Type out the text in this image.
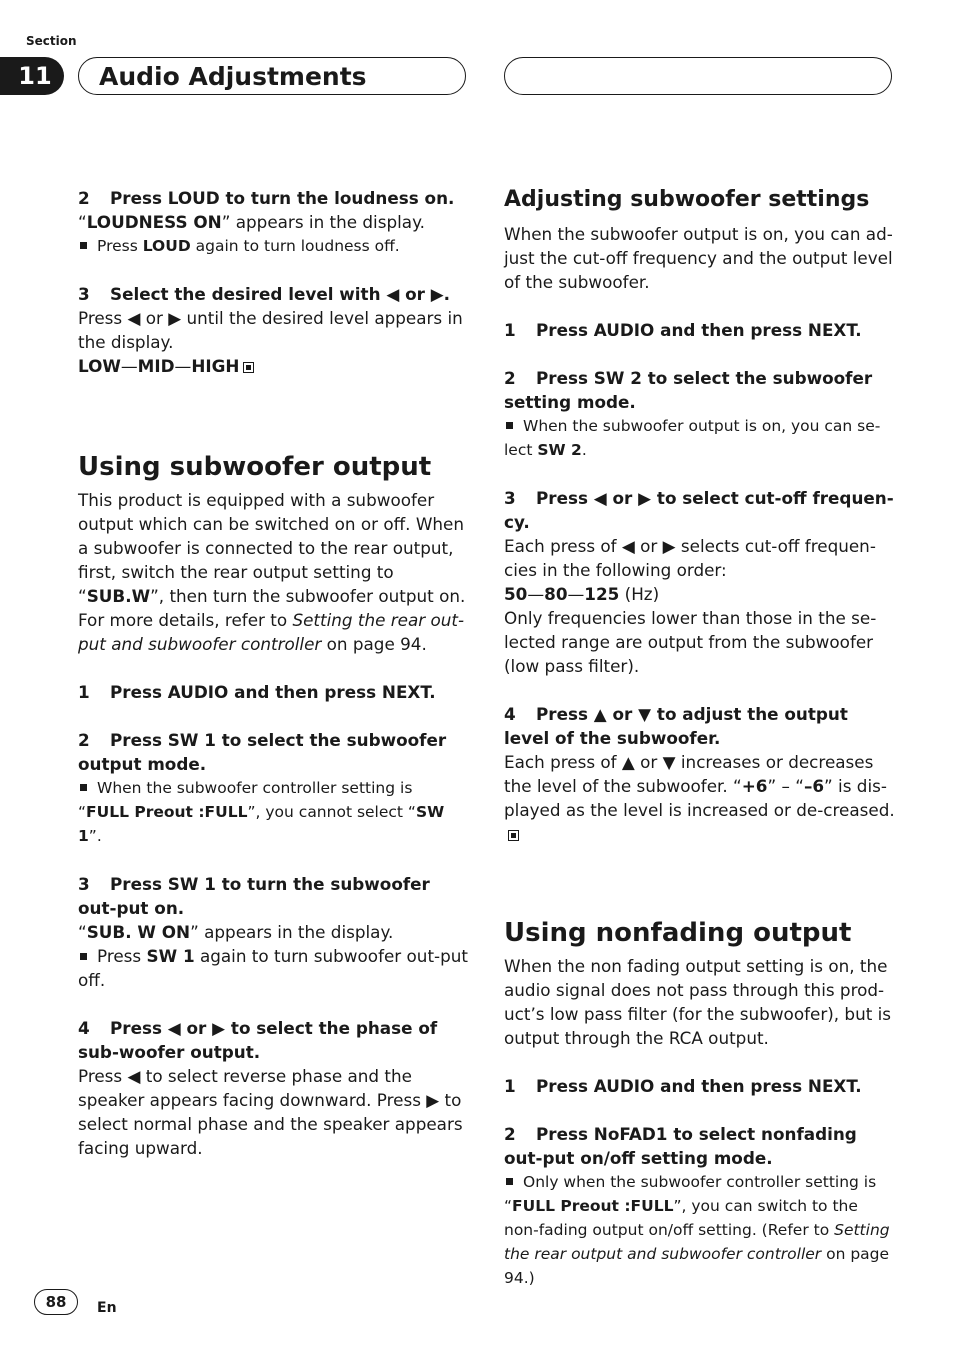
Section
11	Audio Adjustments

2 Press LOUD to turn the loudness on.

“LOUDNESS ON” appears in the display.

Press LOUD again to turn loudness off.

3 Select the desired level with ◀ or ▶.

Press ◀ or ▶ until the desired level appears in the display.

LOW—MID—HIGH

Using subwoofer output

This product is equipped with a subwoofer output which can be switched on or off. When a subwoofer is connected to the rear output, first, switch the rear output setting to “SUB.W”, then turn the subwoofer output on. For more details, refer to Setting the rear out-put and subwoofer controller on page 94.

1 Press AUDIO and then press NEXT.

2 Press SW 1 to select the subwoofer output mode.

When the subwoofer controller setting is “FULL Preout :FULL”, you cannot select “SW 1”.

3 Press SW 1 to turn the subwoofer out-put on.

“SUB. W ON” appears in the display.

Press SW 1 again to turn subwoofer out-put off.

4 Press ◀ or ▶ to select the phase of sub-woofer output.

Press ◀ to select reverse phase and the speaker appears facing downward. Press ▶ to select normal phase and the speaker appears facing upward.

Adjusting subwoofer settings

When the subwoofer output is on, you can ad-just the cut-off frequency and the output level of the subwoofer.

1 Press AUDIO and then press NEXT.

2 Press SW 2 to select the subwoofer setting mode.

When the subwoofer output is on, you can se-lect SW 2.

3 Press ◀ or ▶ to select cut-off frequen-cy.

Each press of ◀ or ▶ selects cut-off frequen-cies in the following order:

50—80—125 (Hz)

Only frequencies lower than those in the se-lected range are output from the subwoofer (low pass filter).

4 Press ▲ or ▼ to adjust the output level of the subwoofer.

Each press of ▲ or ▼ increases or decreases the level of the subwoofer. “+6” – “–6” is dis-played as the level is increased or de-creased.

Using nonfading output

When the non fading output setting is on, the audio signal does not pass through this prod-uct’s low pass filter (for the subwoofer), but is output through the RCA output.

1 Press AUDIO and then press NEXT.

2 Press NoFAD1 to select nonfading out-put on/off setting mode.

Only when the subwoofer controller setting is “FULL Preout :FULL”, you can switch to the non-fading output on/off setting. (Refer to Setting the rear output and subwoofer controller on page 94.)

88	En
